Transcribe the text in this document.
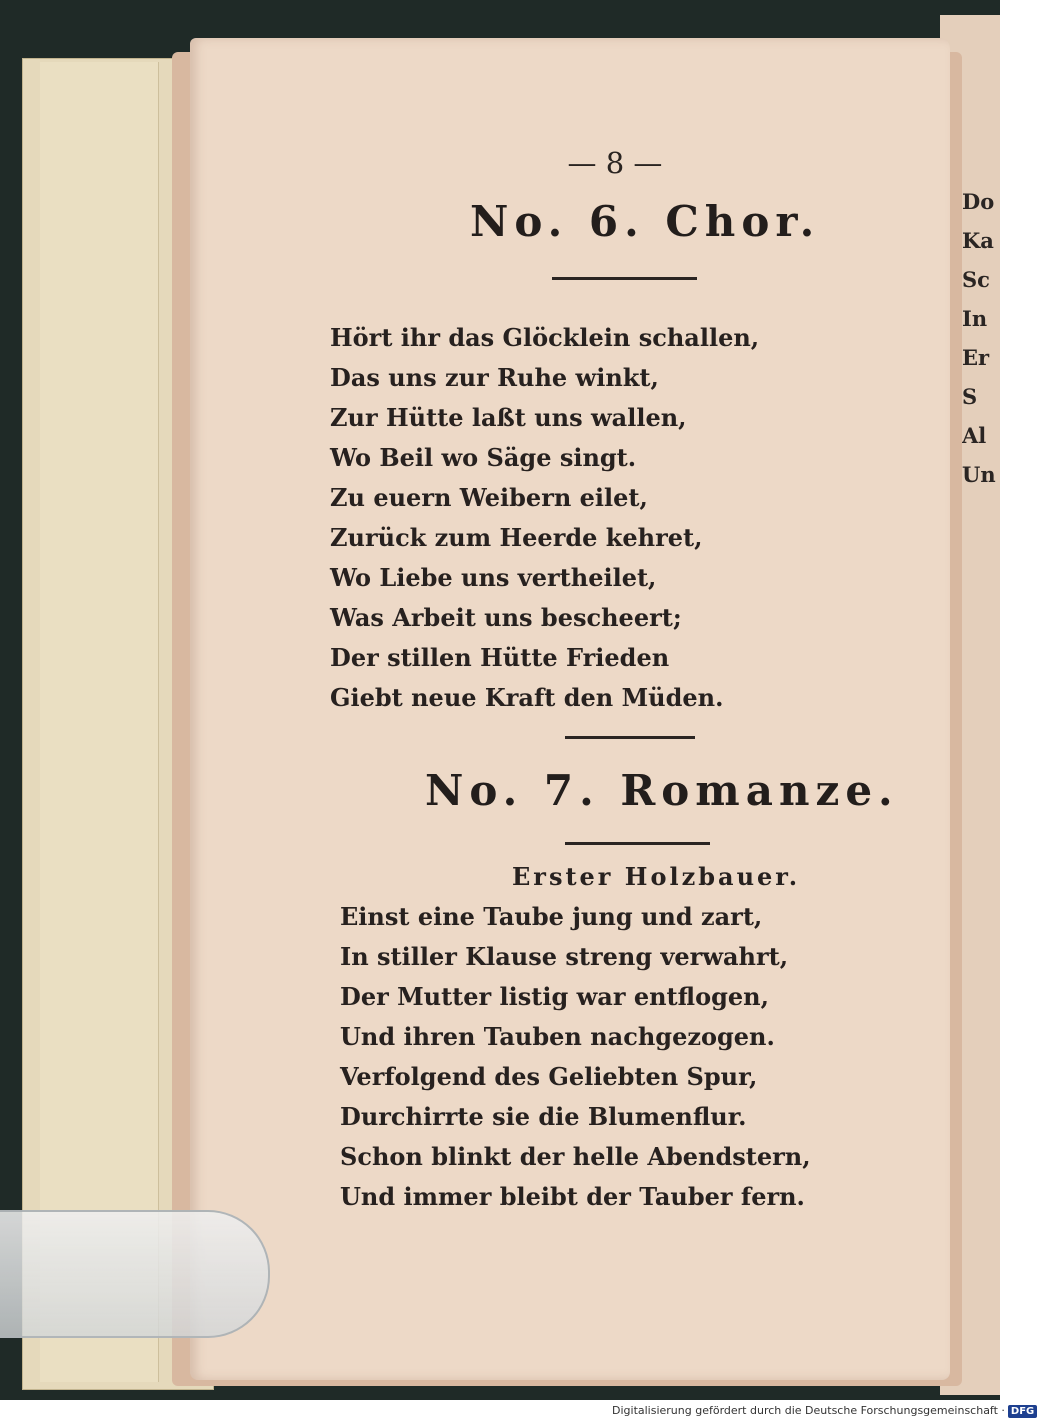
Do
Ka
Sc
In
Er
S
Al
Un
— 8 —
No. 6. Chor.
Hört ihr das Glöcklein schallen,
Das uns zur Ruhe winkt,
Zur Hütte laßt uns wallen,
Wo Beil wo Säge singt.
Zu euern Weibern eilet,
Zurück zum Heerde kehret,
Wo Liebe uns vertheilet,
Was Arbeit uns bescheert;
Der stillen Hütte Frieden
Giebt neue Kraft den Müden.
No. 7. Romanze.
Erster Holzbauer.
Einst eine Taube jung und zart,
In stiller Klause streng verwahrt,
Der Mutter listig war entflogen,
Und ihren Tauben nachgezogen.
Verfolgend des Geliebten Spur,
Durchirrte sie die Blumenflur.
Schon blinkt der helle Abendstern,
Und immer bleibt der Tauber fern.
Digitalisierung gefördert durch die Deutsche Forschungsgemeinschaft · DFG
